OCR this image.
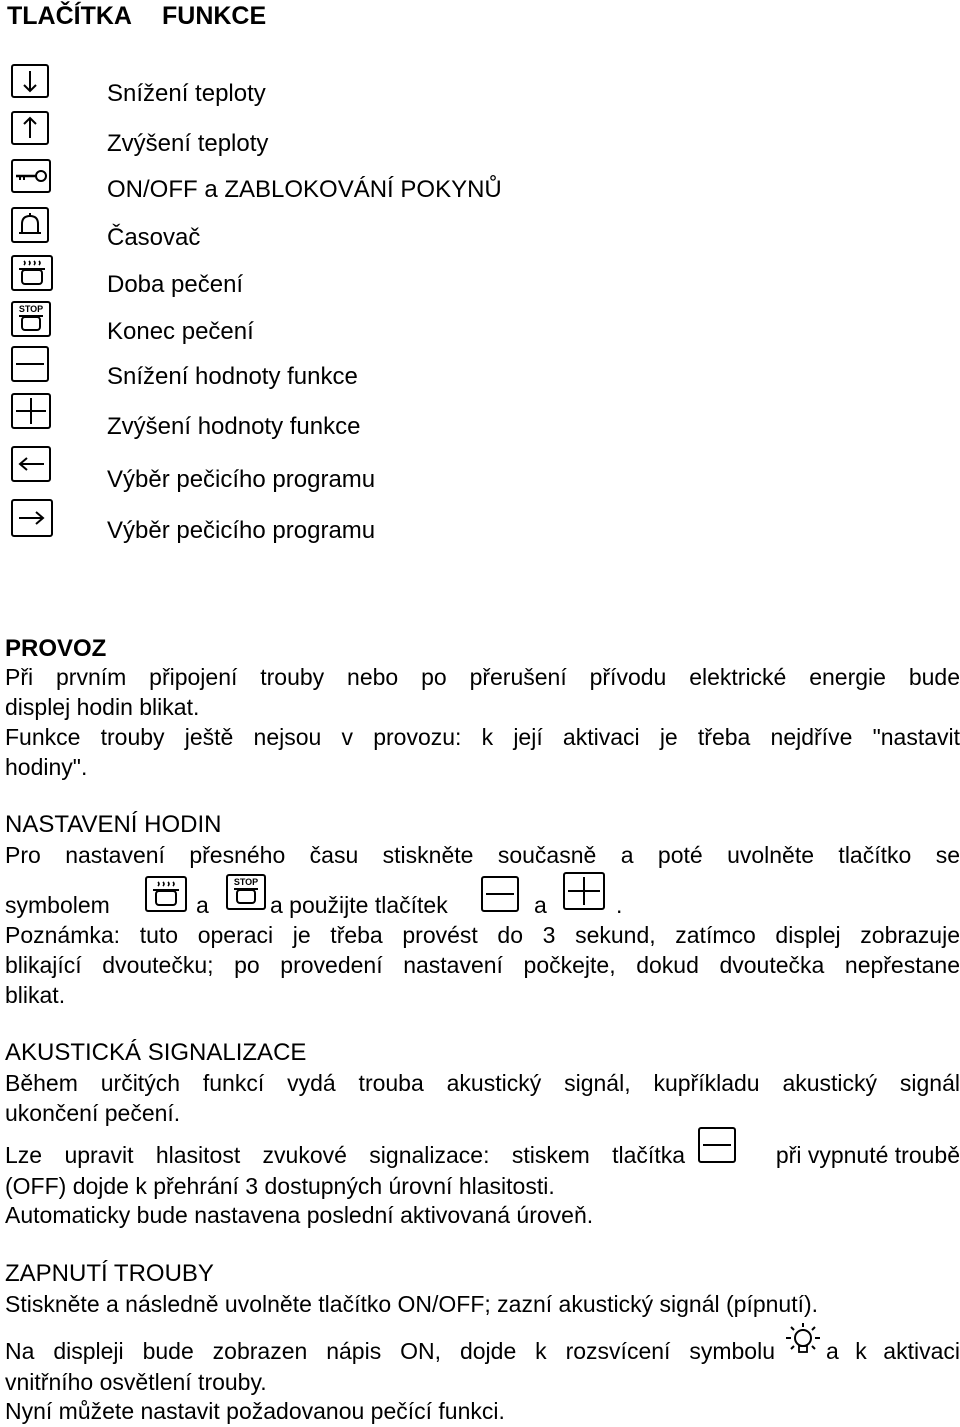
TLAČÍTKA FUNKCE
Snížení teploty
Zvýšení teploty
ON/OFF a ZABLOKOVÁNÍ POKYNŮ
Časovač
Doba pečení
STOP
Konec pečení
Snížení hodnoty funkce
Zvýšení hodnoty funkce
Výběr pečicího programu
Výběr pečicího programu
PROVOZ
Při prvním připojení trouby nebo po přerušení přívodu elektrické energie bude
displej hodin blikat.
Funkce trouby ještě nejsou v provozu: k její aktivaci je třeba nejdříve "nastavit
hodiny".
NASTAVENÍ HODIN
Pro nastavení přesného času stiskněte současně a poté uvolněte tlačítko se
symbolem	a
STOP
a použijte tlačítek	a	.
Poznámka: tuto operaci je třeba provést do 3 sekund, zatímco displej zobrazuje
blikající dvoutečku; po provedení nastavení počkejte, dokud dvoutečka nepřestane
blikat.
AKUSTICKÁ SIGNALIZACE
Během určitých funkcí vydá trouba akustický signál, kupříkladu akustický signál
ukončení pečení.
Lze upravit hlasitost zvukové signalizace: stiskem tlačítka	při vypnuté troubě
(OFF) dojde k přehrání 3 dostupných úrovní hlasitosti.
Automaticky bude nastavena poslední aktivovaná úroveň.
ZAPNUTÍ TROUBY
Stiskněte a následně uvolněte tlačítko ON/OFF; zazní akustický signál (pípnutí).
Na displeji bude zobrazen nápis ON, dojde k rozsvícení symbolu a k aktivaci
vnitřního osvětlení trouby.
Nyní můžete nastavit požadovanou pečící funkci.
